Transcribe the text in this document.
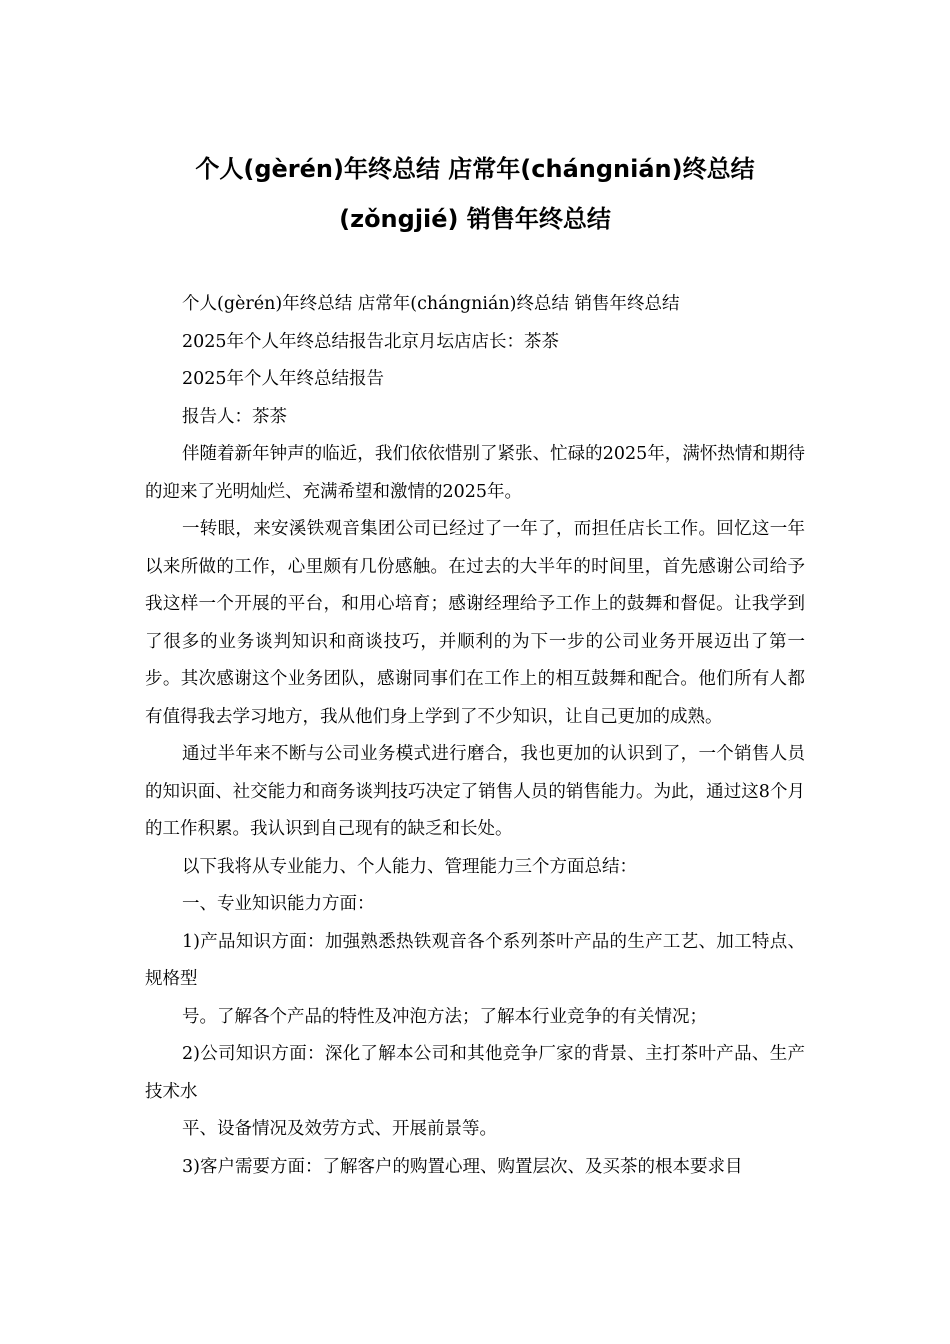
个人(gèrén)年终总结 店常年(chángnián)终总结
(zǒngjié) 销售年终总结

个人(gèrén)年终总结 店常年(chángnián)终总结 销售年终总结

2025年个人年终总结报告北京月坛店店长：茶茶

2025年个人年终总结报告

报告人：茶茶

伴随着新年钟声的临近，我们依依惜别了紧张、忙碌的2025年，满怀热情和期待的迎来了光明灿烂、充满希望和激情的2025年。

一转眼，来安溪铁观音集团公司已经过了一年了，而担任店长工作。回忆这一年以来所做的工作，心里颇有几份感触。在过去的大半年的时间里，首先感谢公司给予我这样一个开展的平台，和用心培育；感谢经理给予工作上的鼓舞和督促。让我学到了很多的业务谈判知识和商谈技巧，并顺利的为下一步的公司业务开展迈出了第一步。其次感谢这个业务团队，感谢同事们在工作上的相互鼓舞和配合。他们所有人都有值得我去学习地方，我从他们身上学到了不少知识，让自己更加的成熟。

通过半年来不断与公司业务模式进行磨合，我也更加的认识到了，一个销售人员的知识面、社交能力和商务谈判技巧决定了销售人员的销售能力。为此，通过这8个月的工作积累。我认识到自己现有的缺乏和长处。

以下我将从专业能力、个人能力、管理能力三个方面总结：

一、专业知识能力方面：

1)产品知识方面：加强熟悉热铁观音各个系列茶叶产品的生产工艺、加工特点、规格型

号。了解各个产品的特性及冲泡方法；了解本行业竞争的有关情况；

2)公司知识方面：深化了解本公司和其他竞争厂家的背景、主打茶叶产品、生产技术水

平、设备情况及效劳方式、开展前景等。

3)客户需要方面：了解客户的购置心理、购置层次、及买茶的根本要求目
